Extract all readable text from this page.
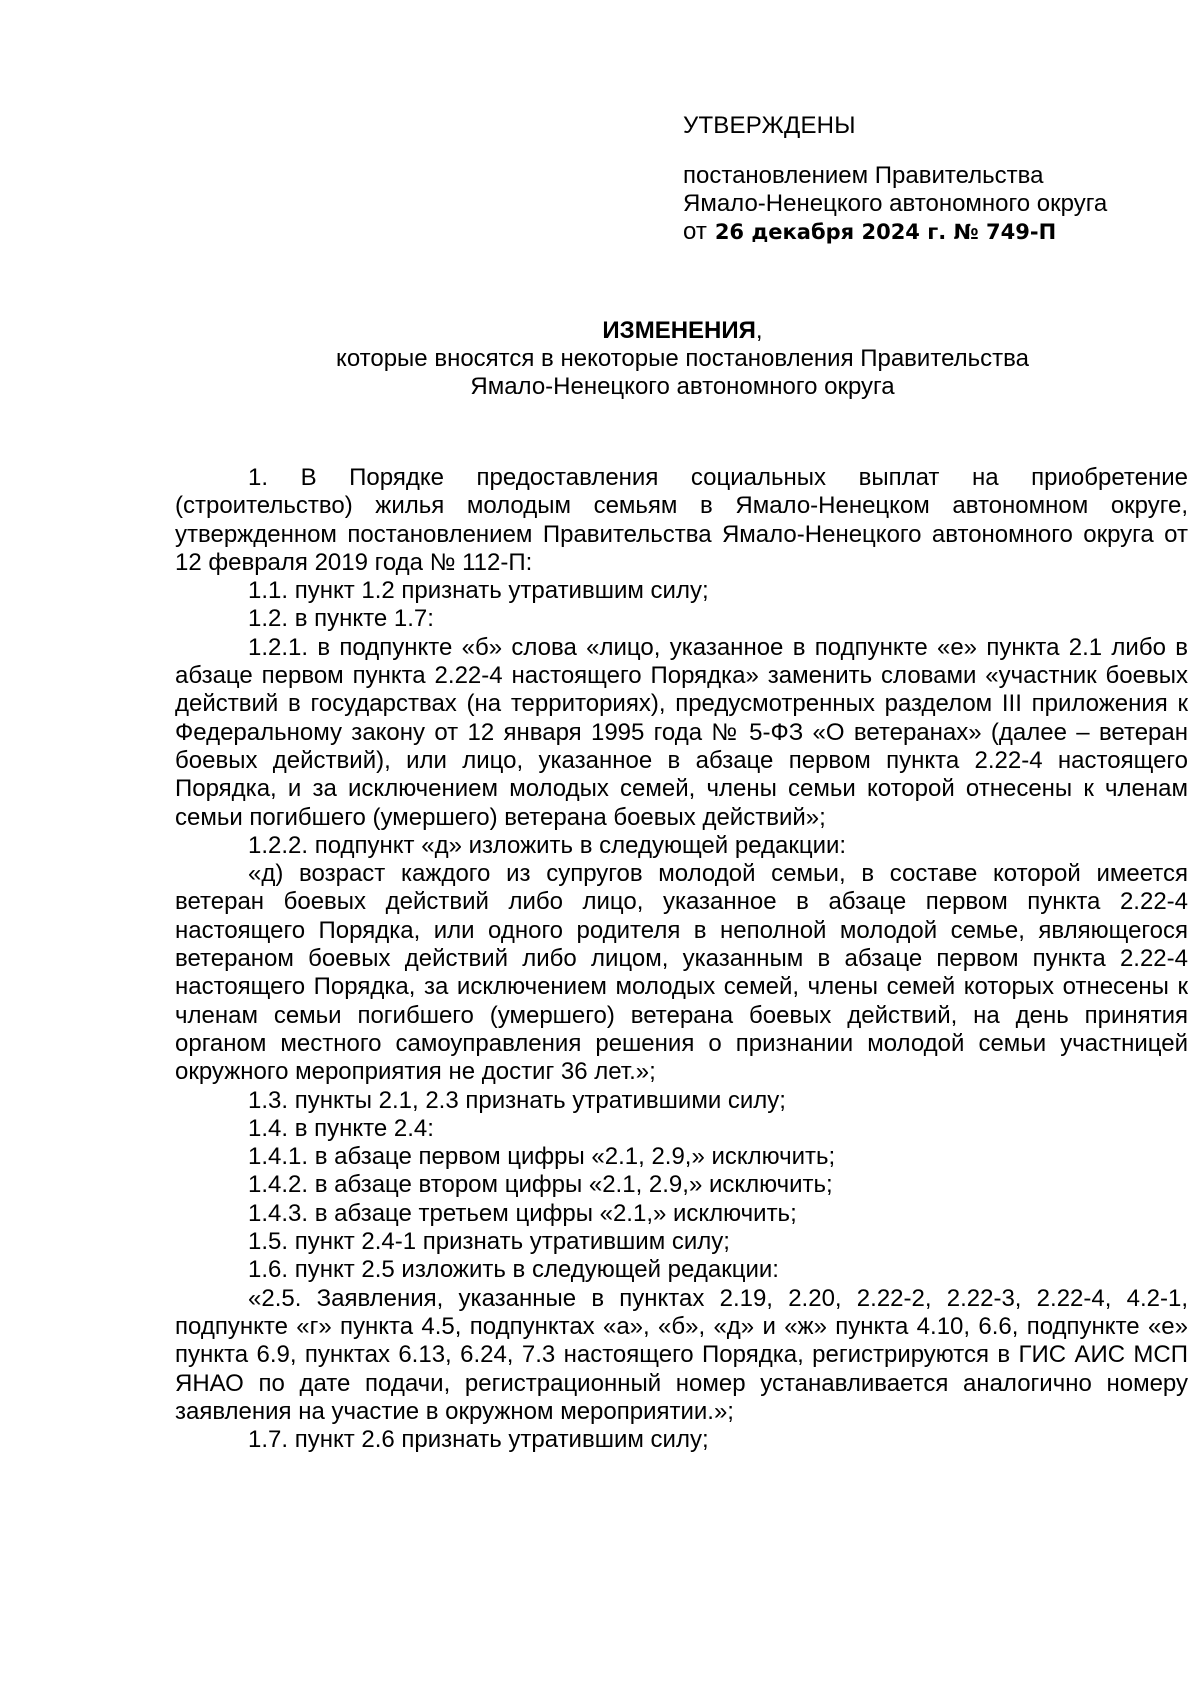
УТВЕРЖДЕНЫ

постановлением Правительства

Ямало-Ненецкого автономного округа

от 26 декабря 2024 г. № 749-П

ИЗМЕНЕНИЯ,

которые вносятся в некоторые постановления Правительства

Ямало-Ненецкого автономного округа

1. В Порядке предоставления социальных выплат на приобретение (строительство) жилья молодым семьям в Ямало-Ненецком автономном округе, утвержденном постановлением Правительства Ямало-Ненецкого автономного округа от 12 февраля 2019 года № 112-П:

1.1. пункт 1.2 признать утратившим силу;

1.2. в пункте 1.7:

1.2.1. в подпункте «б» слова «лицо, указанное в подпункте «е» пункта 2.1 либо в абзаце первом пункта 2.22-4 настоящего Порядка» заменить словами «участник боевых действий в государствах (на территориях), предусмотренных разделом III приложения к Федеральному закону от 12 января 1995 года № 5-ФЗ «О ветеранах» (далее – ветеран боевых действий), или лицо, указанное в абзаце первом пункта 2.22-4 настоящего Порядка, и за исключением молодых семей, члены семьи которой отнесены к членам семьи погибшего (умершего) ветерана боевых действий»;

1.2.2. подпункт «д» изложить в следующей редакции:

«д) возраст каждого из супругов молодой семьи, в составе которой имеется ветеран боевых действий либо лицо, указанное в абзаце первом пункта 2.22-4 настоящего Порядка, или одного родителя в неполной молодой семье, являющегося ветераном боевых действий либо лицом, указанным в абзаце первом пункта 2.22-4 настоящего Порядка, за исключением молодых семей, члены семей которых отнесены к членам семьи погибшего (умершего) ветерана боевых действий, на день принятия органом местного самоуправления решения о признании молодой семьи участницей окружного мероприятия не достиг 36 лет.»;

1.3. пункты 2.1, 2.3 признать утратившими силу;

1.4. в пункте 2.4:

1.4.1. в абзаце первом цифры «2.1, 2.9,» исключить;

1.4.2. в абзаце втором цифры «2.1, 2.9,» исключить;

1.4.3. в абзаце третьем цифры «2.1,» исключить;

1.5. пункт 2.4-1 признать утратившим силу;

1.6. пункт 2.5 изложить в следующей редакции:

«2.5. Заявления, указанные в пунктах 2.19, 2.20, 2.22-2, 2.22-3, 2.22-4, 4.2-1, подпункте «г» пункта 4.5, подпунктах «а», «б», «д» и «ж» пункта 4.10, 6.6, подпункте «е» пункта 6.9, пунктах 6.13, 6.24, 7.3 настоящего Порядка, регистрируются в ГИС АИС МСП ЯНАО по дате подачи, регистрационный номер устанавливается аналогично номеру заявления на участие в окружном мероприятии.»;

1.7. пункт 2.6 признать утратившим силу;
